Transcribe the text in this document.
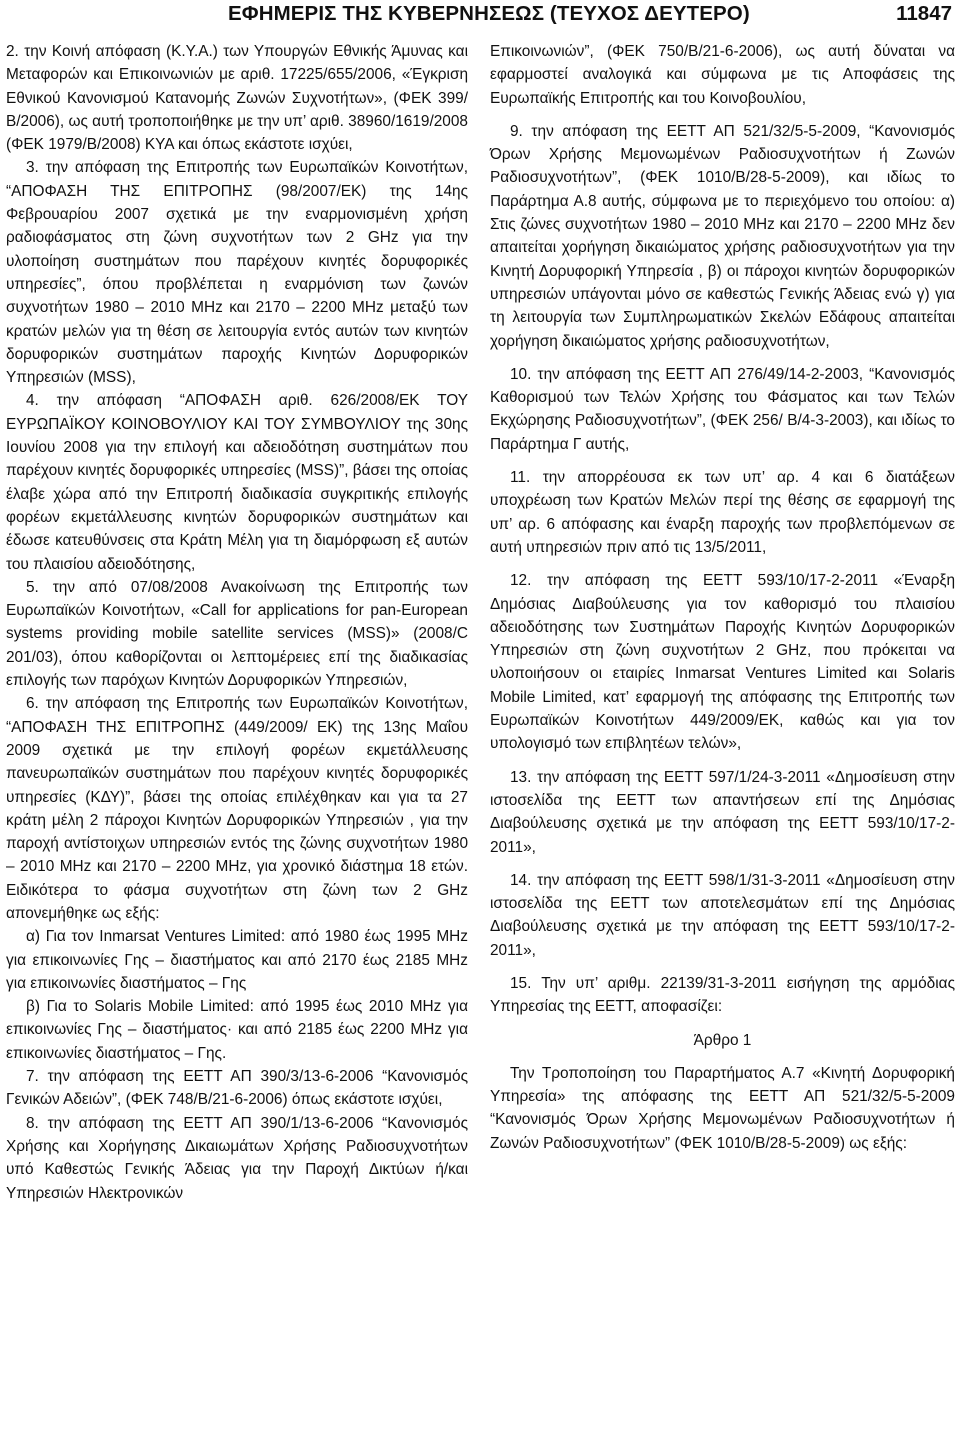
ΕΦΗΜΕΡΙΣ ΤΗΣ ΚΥΒΕΡΝΗΣΕΩΣ (ΤΕΥΧΟΣ ΔΕΥΤΕΡΟ)	11847

2. την Κοινή απόφαση (Κ.Υ.Α.) των Υπουργών Εθνικής Άμυνας και Μεταφορών και Επικοινωνιών με αριθ. 17225/655/2006, «Έγκριση Εθνικού Κανονισμού Κατανομής Ζωνών Συχνοτήτων», (ΦΕΚ 399/Β/2006), ως αυτή τροποποιήθηκε με την υπ’ αριθ. 38960/1619/2008 (ΦΕΚ 1979/Β/2008) ΚΥΑ και όπως εκάστοτε ισχύει,

3. την απόφαση της Επιτροπής των Ευρωπαϊκών Κοινοτήτων, “ΑΠΟΦΑΣΗ ΤΗΣ ΕΠΙΤΡΟΠΗΣ (98/2007/ΕΚ) της 14ης Φεβρουαρίου 2007 σχετικά με την εναρμονισμένη χρήση ραδιοφάσματος στη ζώνη συχνοτήτων των 2 GHz για την υλοποίηση συστημάτων που παρέχουν κινητές δορυφορικές υπηρεσίες”, όπου προβλέπεται η εναρμόνιση των ζωνών συχνοτήτων 1980 – 2010 MHz και 2170 – 2200 MHz μεταξύ των κρατών μελών για τη θέση σε λειτουργία εντός αυτών των κινητών δορυφορικών συστημάτων παροχής Κινητών Δορυφορικών Υπηρεσιών (MSS),

4. την απόφαση “ΑΠΟΦΑΣΗ αριθ. 626/2008/ΕΚ ΤΟΥ ΕΥΡΩΠΑΪΚΟΥ ΚΟΙΝΟΒΟΥΛΙΟΥ ΚΑΙ ΤΟΥ ΣΥΜΒΟΥΛΙΟΥ της 30ης Ιουνίου 2008 για την επιλογή και αδειοδότηση συστημάτων που παρέχουν κινητές δορυφορικές υπηρεσίες (MSS)”, βάσει της οποίας έλαβε χώρα από την Επιτροπή διαδικασία συγκριτικής επιλογής φορέων εκμετάλλευσης κινητών δορυφορικών συστημάτων και έδωσε κατευθύνσεις στα Κράτη Μέλη για τη διαμόρφωση εξ αυτών του πλαισίου αδειοδότησης,

5. την από 07/08/2008 Ανακοίνωση της Επιτροπής των Ευρωπαϊκών Κοινοτήτων, «Call for applications for pan-European systems providing mobile satellite services (MSS)» (2008/C 201/03), όπου καθορίζονται οι λεπτομέρειες επί της διαδικασίας επιλογής των παρόχων Κινητών Δορυφορικών Υπηρεσιών,

6. την απόφαση της Επιτροπής των Ευρωπαϊκών Κοινοτήτων, “ΑΠΟΦΑΣΗ ΤΗΣ ΕΠΙΤΡΟΠΗΣ (449/2009/ ΕΚ) της 13ης Μαΐου 2009 σχετικά με την επιλογή φορέων εκμετάλλευσης πανευρωπαϊκών συστημάτων που παρέχουν κινητές δορυφορικές υπηρεσίες (ΚΔΥ)”, βάσει της οποίας επιλέχθηκαν και για τα 27 κράτη μέλη 2 πάροχοι Κινητών Δορυφορικών Υπηρεσιών , για την παροχή αντίστοιχων υπηρεσιών εντός της ζώνης συχνοτήτων 1980 – 2010 MHz και 2170 – 2200 MHz, για χρονικό διάστημα 18 ετών. Ειδικότερα το φάσμα συχνοτήτων στη ζώνη των 2 GHz απονεμήθηκε ως εξής:

α) Για τον Inmarsat Ventures Limited: από 1980 έως 1995 MHz για επικοινωνίες Γης – διαστήματος και από 2170 έως 2185 MHz για επικοινωνίες διαστήματος – Γης

β) Για το Solaris Mobile Limited: από 1995 έως 2010 MHz για επικοινωνίες Γης – διαστήματος· και από 2185 έως 2200 MHz για επικοινωνίες διαστήματος – Γης.

7. την απόφαση της ΕΕΤΤ ΑΠ 390/3/13-6-2006 “Κανονισμός Γενικών Αδειών”, (ΦΕΚ 748/Β/21-6-2006) όπως εκάστοτε ισχύει,

8. την απόφαση της ΕΕΤΤ ΑΠ 390/1/13-6-2006 “Κανονισμός Χρήσης και Χορήγησης Δικαιωμάτων Χρήσης Ραδιοσυχνοτήτων υπό Καθεστώς Γενικής Άδειας για την Παροχή Δικτύων ή/και Υπηρεσιών Ηλεκτρονικών

Επικοινωνιών”, (ΦΕΚ 750/Β/21-6-2006), ως αυτή δύναται να εφαρμοστεί αναλογικά και σύμφωνα με τις Αποφάσεις της Ευρωπαϊκής Επιτροπής και του Κοινοβουλίου,

9. την απόφαση της ΕΕΤΤ ΑΠ 521/32/5-5-2009, “Κανονισμός Όρων Χρήσης Μεμονωμένων Ραδιοσυχνοτήτων ή Ζωνών Ραδιοσυχνοτήτων”, (ΦΕΚ 1010/Β/28-5-2009), και ιδίως το Παράρτημα Α.8 αυτής, σύμφωνα με το περιεχόμενο του οποίου: α) Στις ζώνες συχνοτήτων 1980 – 2010 MHz και 2170 – 2200 MHz δεν απαιτείται χορήγηση δικαιώματος χρήσης ραδιοσυχνοτήτων για την Κινητή Δορυφορική Υπηρεσία , β) οι πάροχοι κινητών δορυφορικών υπηρεσιών υπάγονται μόνο σε καθεστώς Γενικής Άδειας ενώ γ) για τη λειτουργία των Συμπληρωματικών Σκελών Εδάφους απαιτείται χορήγηση δικαιώματος χρήσης ραδιοσυχνοτήτων,

10. την απόφαση της ΕΕΤΤ ΑΠ 276/49/14-2-2003, “Κανονισμός Καθορισμού των Τελών Χρήσης του Φάσματος και των Τελών Εκχώρησης Ραδιοσυχνοτήτων”, (ΦΕΚ 256/ Β/4-3-2003), και ιδίως το Παράρτημα Γ αυτής,

11. την απορρέουσα εκ των υπ’ αρ. 4 και 6 διατάξεων υποχρέωση των Κρατών Μελών περί της θέσης σε εφαρμογή της υπ’ αρ. 6 απόφασης και έναρξη παροχής των προβλεπόμενων σε αυτή υπηρεσιών πριν από τις 13/5/2011,

12. την απόφαση της ΕΕΤΤ 593/10/17-2-2011 «Έναρξη Δημόσιας Διαβούλευσης για τον καθορισμό του πλαισίου αδειοδότησης των Συστημάτων Παροχής Κινητών Δορυφορικών Υπηρεσιών στη ζώνη συχνοτήτων 2 GHz, που πρόκειται να υλοποιήσουν οι εταιρίες Inmarsat Ventures Limited και Solaris Mobile Limited, κατ’ εφαρμογή της απόφασης της Επιτροπής των Ευρωπαϊκών Κοινοτήτων 449/2009/ΕΚ, καθώς και για τον υπολογισμό των επιβλητέων τελών»,

13. την απόφαση της ΕΕΤΤ 597/1/24-3-2011 «Δημοσίευση στην ιστοσελίδα της ΕΕΤΤ των απαντήσεων επί της Δημόσιας Διαβούλευσης σχετικά με την απόφαση της ΕΕΤΤ 593/10/17-2-2011»,

14. την απόφαση της ΕΕΤΤ 598/1/31-3-2011 «Δημοσίευση στην ιστοσελίδα της ΕΕΤΤ των αποτελεσμάτων επί της Δημόσιας Διαβούλευσης σχετικά με την απόφαση της ΕΕΤΤ 593/10/17-2-2011»,

15. Την υπ’ αριθμ. 22139/31-3-2011 εισήγηση της αρμόδιας Υπηρεσίας της ΕΕΤΤ, αποφασίζει:

Άρθρο 1

Την Τροποποίηση του Παραρτήματος Α.7 «Κινητή Δορυφορική Υπηρεσία» της απόφασης της ΕΕΤΤ ΑΠ 521/32/5-5-2009 “Κανονισμός Όρων Χρήσης Μεμονωμένων Ραδιοσυχνοτήτων ή Ζωνών Ραδιοσυχνοτήτων” (ΦΕΚ 1010/Β/28-5-2009) ως εξής:
